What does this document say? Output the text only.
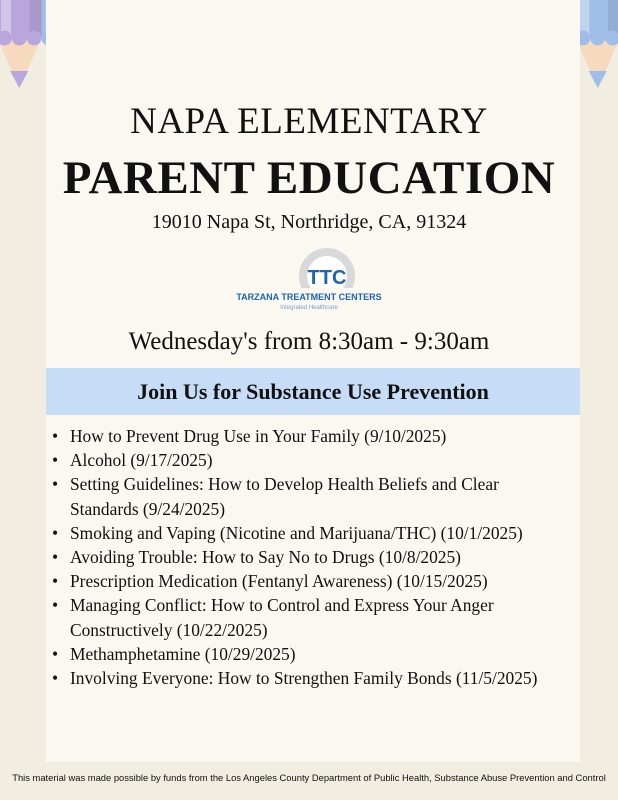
NAPA ELEMENTARY
PARENT EDUCATION
19010 Napa St, Northridge, CA, 91324
TTC
TARZANA TREATMENT CENTERS
Integrated Healthcare
Wednesday's from 8:30am - 9:30am
Join Us for Substance Use Prevention
• How to Prevent Drug Use in Your Family (9/10/2025)
• Alcohol (9/17/2025)
• Setting Guidelines: How to Develop Health Beliefs and Clear Standards (9/24/2025)
• Smoking and Vaping (Nicotine and Marijuana/THC) (10/1/2025)
• Avoiding Trouble: How to Say No to Drugs (10/8/2025)
• Prescription Medication (Fentanyl Awareness) (10/15/2025)
• Managing Conflict: How to Control and Express Your Anger Constructively (10/22/2025)
• Methamphetamine (10/29/2025)
• Involving Everyone: How to Strengthen Family Bonds (11/5/2025)
This material was made possible by funds from the Los Angeles County Department of Public Health, Substance Abuse Prevention and Control
